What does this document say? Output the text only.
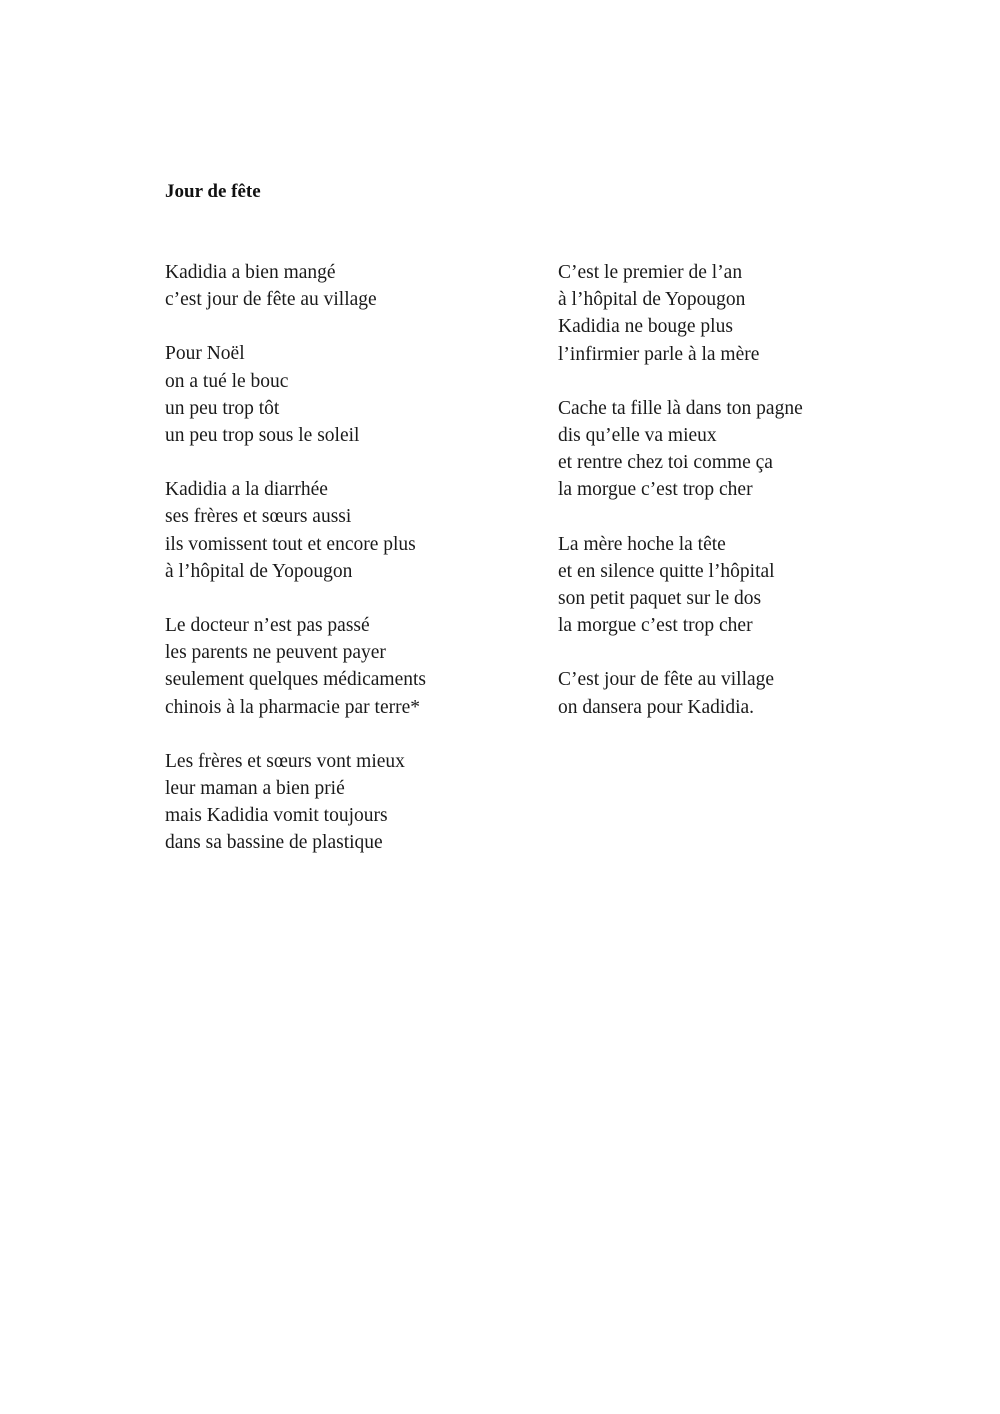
Jour de fête
Kadidia a bien mangé
c’est jour de fête au village
Pour Noël
on a tué le bouc
un peu trop tôt
un peu trop sous le soleil
Kadidia a la diarrhée
ses frères et sœurs aussi
ils vomissent tout et encore plus
à l’hôpital de Yopougon
Le docteur n’est pas passé
les parents ne peuvent payer
seulement quelques médicaments
chinois à la pharmacie par terre*
Les frères et sœurs vont mieux
leur maman a bien prié
mais Kadidia vomit toujours
dans sa bassine de plastique
C’est le premier de l’an
à l’hôpital de Yopougon
Kadidia ne bouge plus
l’infirmier parle à la mère
Cache ta fille là dans ton pagne
dis qu’elle va mieux
et rentre chez toi comme ça
la morgue c’est trop cher
La mère hoche la tête
et en silence quitte l’hôpital
son petit paquet sur le dos
la morgue c’est trop cher
C’est jour de fête au village
on dansera pour Kadidia.
